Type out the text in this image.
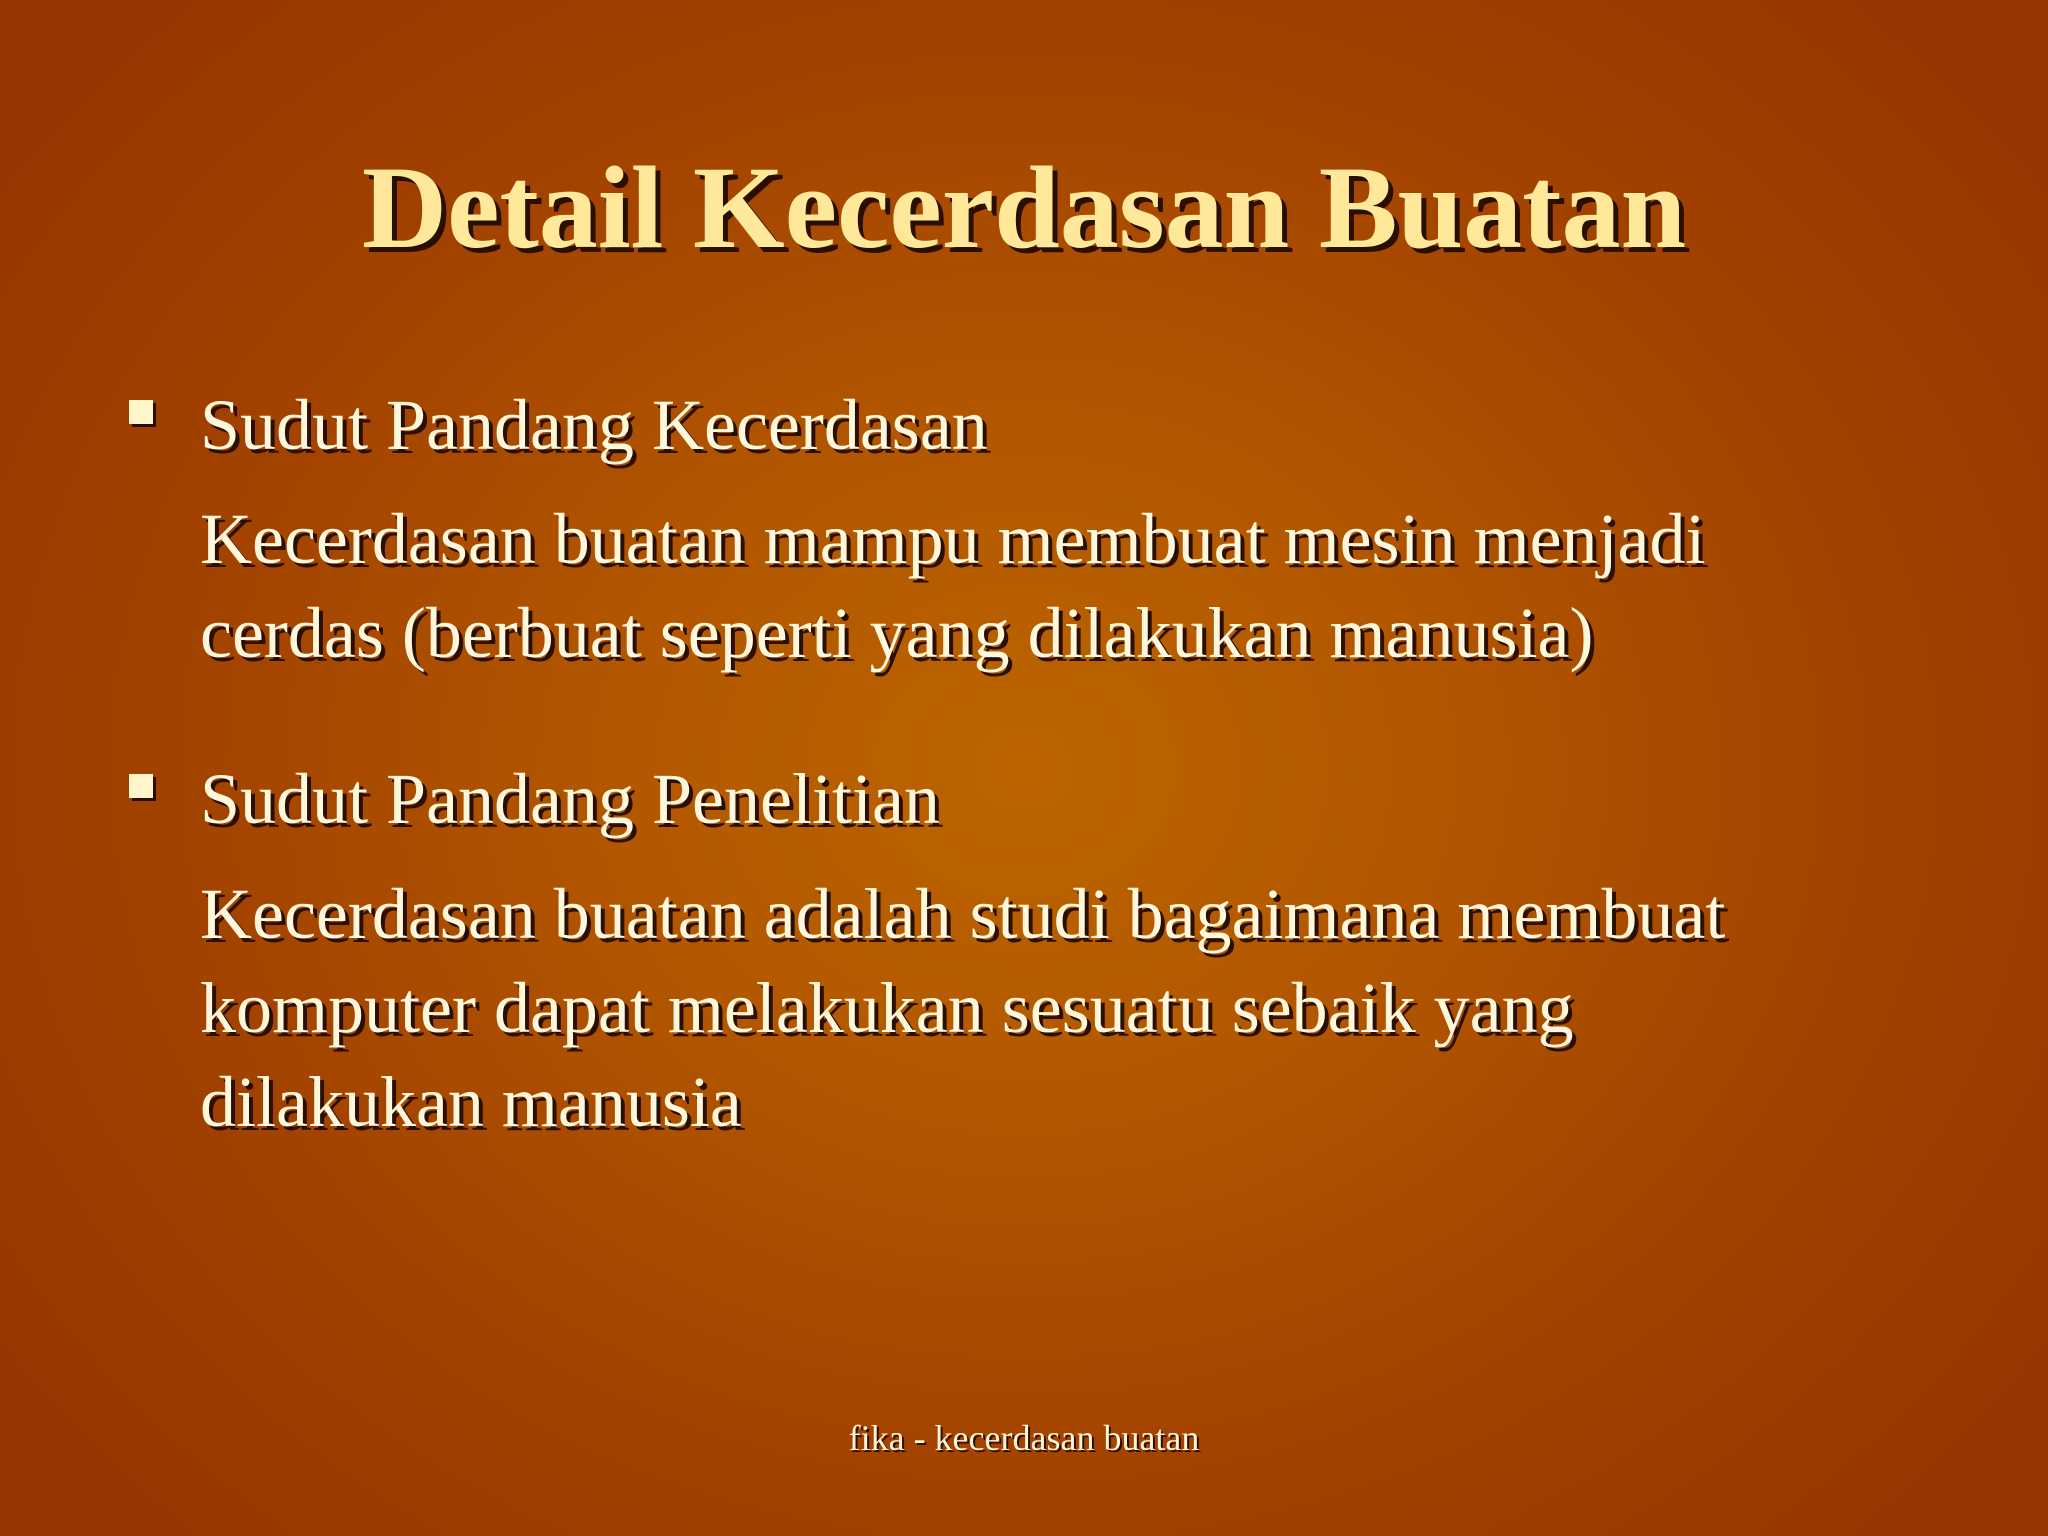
Detail Kecerdasan Buatan
Sudut Pandang Kecerdasan
Kecerdasan buatan mampu membuat mesin menjadi
cerdas (berbuat seperti yang dilakukan manusia)
Sudut Pandang Penelitian
Kecerdasan buatan adalah studi bagaimana membuat
komputer dapat melakukan sesuatu sebaik yang
dilakukan manusia
fika - kecerdasan buatan
